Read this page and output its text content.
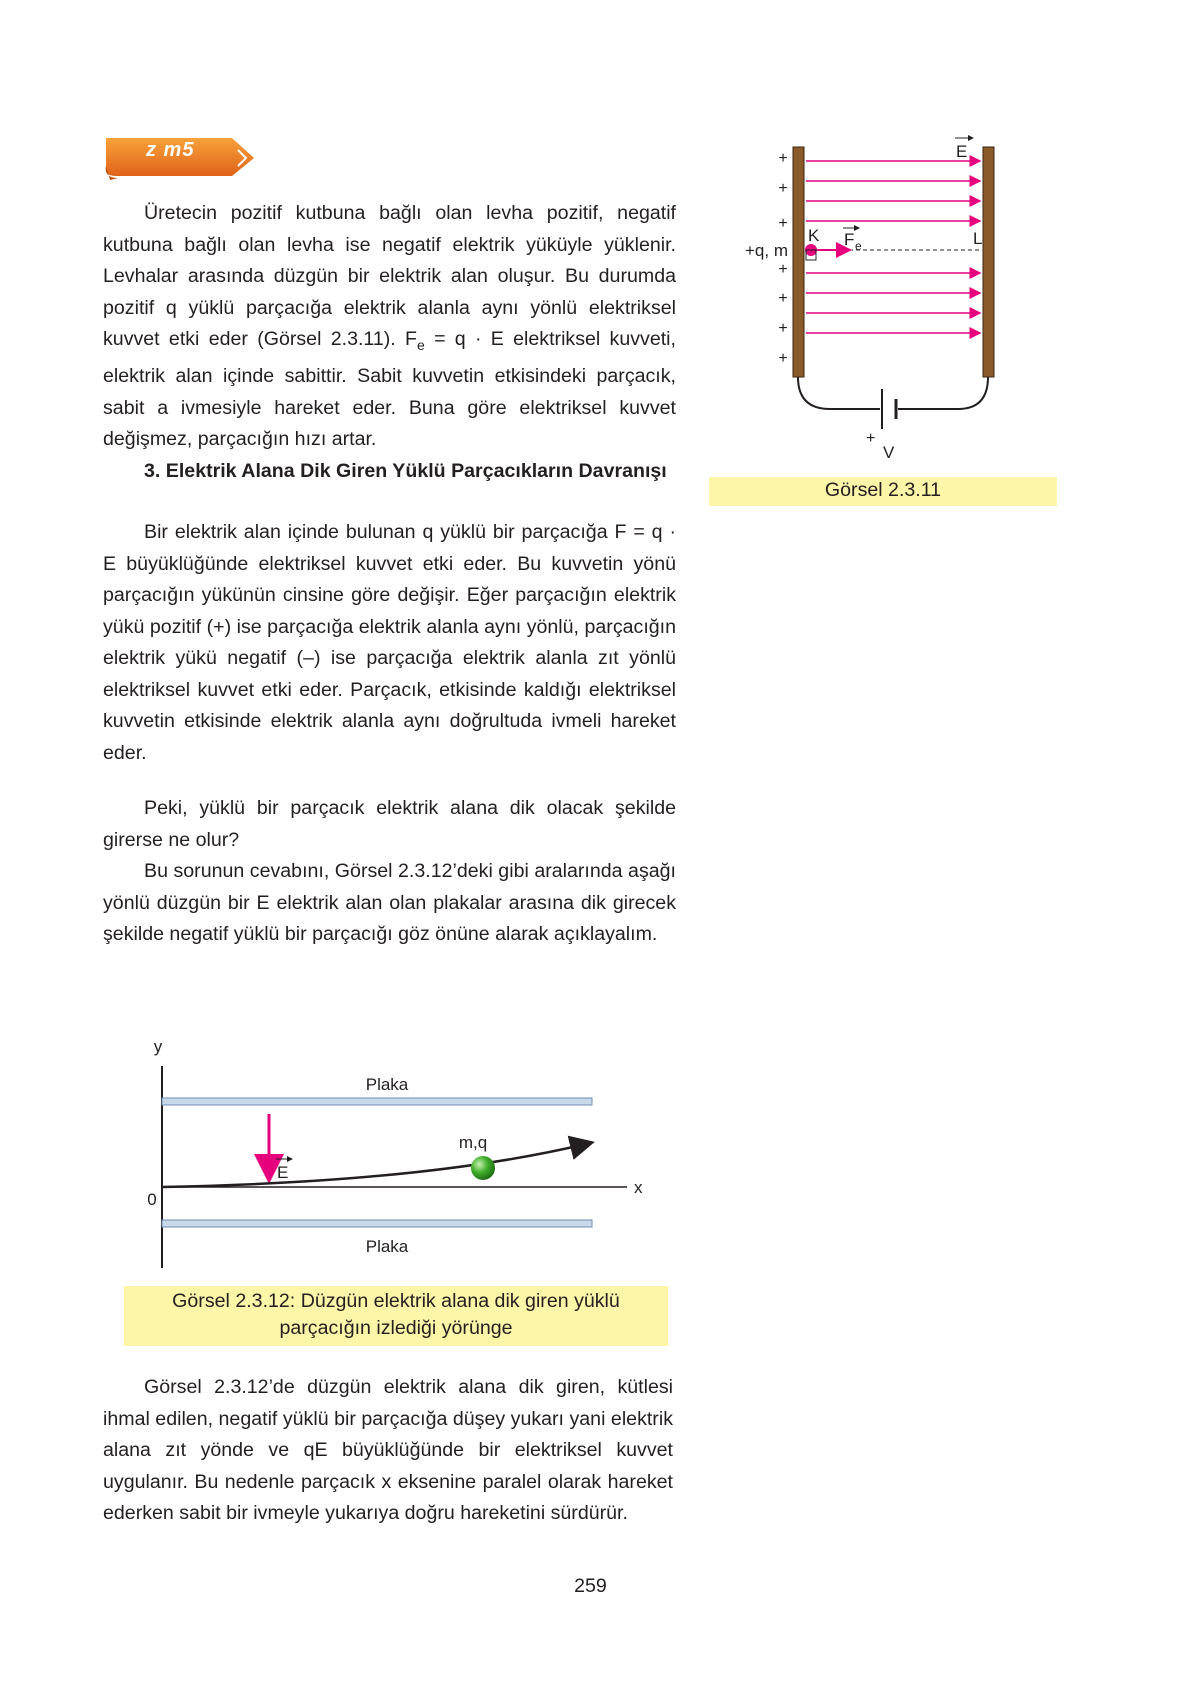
z m5

Üretecin pozitif kutbuna bağlı olan levha pozitif, negatif kutbuna bağlı olan levha ise negatif elektrik yüküyle yüklenir. Levhalar arasında düzgün bir elektrik alan oluşur. Bu durumda pozitif q yüklü parçacığa elektrik alanla aynı yönlü elektriksel kuvvet etki eder (Görsel 2.3.11). $F_e = q \cdot E$ elektriksel kuvveti, elektrik alan içinde sabittir. Sabit kuvvetin etkisindeki parçacık, sabit a ivmesiyle hareket eder. Buna göre elektriksel kuvvet değişmez, parçacığın hızı artar.

3. Elektrik Alana Dik Giren Yüklü Parçacıkların Davranışı

Bir elektrik alan içinde bulunan q yüklü bir parçacığa F = q · E büyüklüğünde elektriksel kuvvet etki eder. Bu kuvvetin yönü parçacığın yükünün cinsine göre değişir. Eğer parçacığın elektrik yükü pozitif (+) ise parçacığa elektrik alanla aynı yönlü, parçacığın elektrik yükü negatif (–) ise parçacığa elektrik alanla zıt yönlü elektriksel kuvvet etki eder. Parçacık, etkisinde kaldığı elektriksel kuvvetin etkisinde elektrik alanla aynı doğrultuda ivmeli hareket eder.

Peki, yüklü bir parçacık elektrik alana dik olacak şekilde girerse ne olur?

Bu sorunun cevabını, Görsel 2.3.12’deki gibi aralarında aşağı yönlü düzgün bir E elektrik alan olan plakalar arasına dik girecek şekilde negatif yüklü bir parçacığı göz önüne alarak açıklayalım.

+
+
+
+
+
+
+
+q, m
K	L
F e
E
+
V
Görsel 2.3.11
y
x
0
Plaka
Plaka
E
m,q
Görsel 2.3.12: Düzgün elektrik alana dik giren yüklü
parçacığın izlediği yörünge

Görsel 2.3.12’de düzgün elektrik alana dik giren, kütlesi ihmal edilen, negatif yüklü bir parçacığa düşey yukarı yani elektrik alana zıt yönde ve qE büyüklüğünde bir elektriksel kuvvet uygulanır. Bu nedenle parçacık x eksenine paralel olarak hareket ederken sabit bir ivmeyle yukarıya doğru hareketini sürdürür.

259
